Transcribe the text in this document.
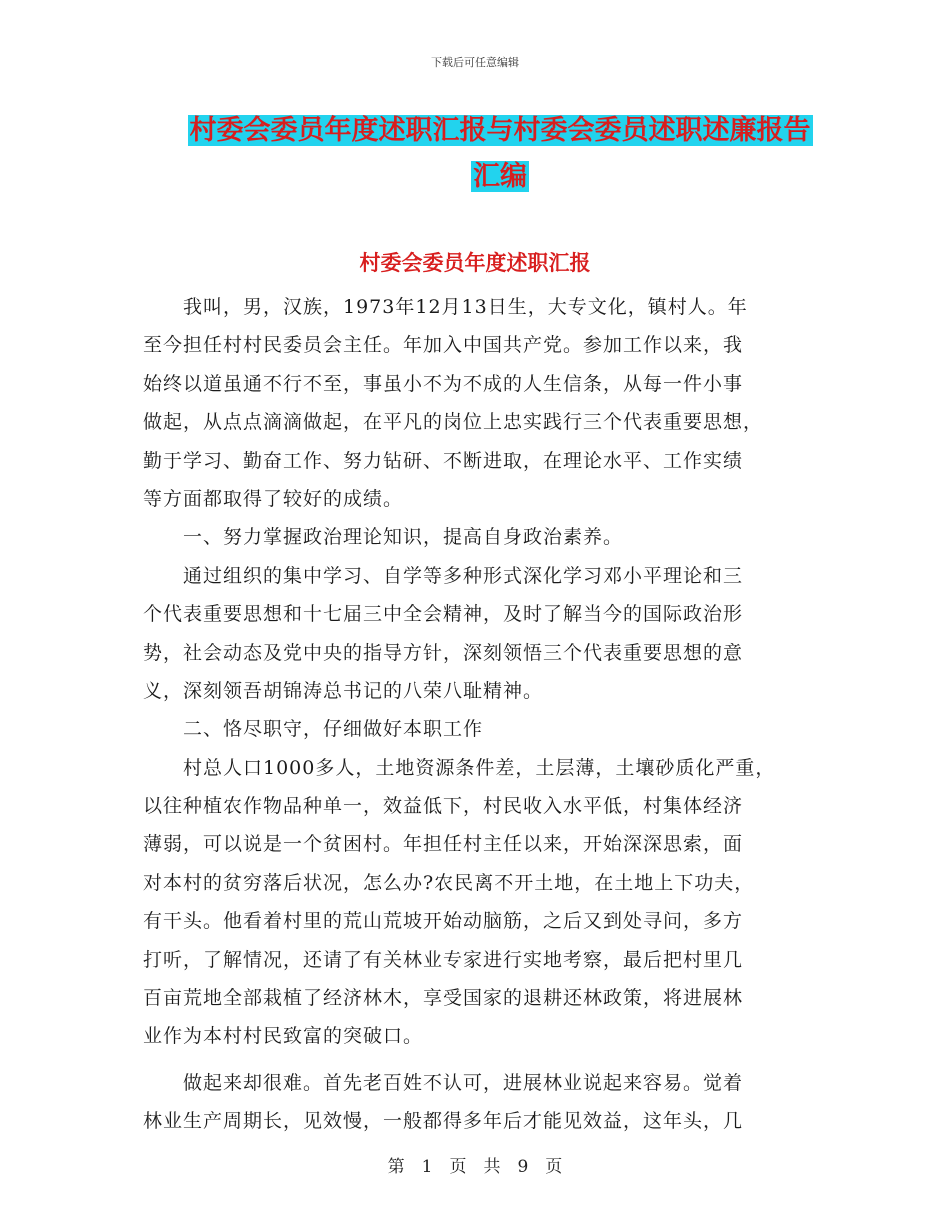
下载后可任意编辑
村委会委员年度述职汇报与村委会委员述职述廉报告
汇编
村委会委员年度述职汇报
　　我叫，男，汉族，1973年12月13日生，大专文化，镇村人。年
至今担任村村民委员会主任。年加入中国共产党。参加工作以来，我
始终以道虽通不行不至，事虽小不为不成的人生信条，从每一件小事
做起，从点点滴滴做起，在平凡的岗位上忠实践行三个代表重要思想，
勤于学习、勤奋工作、努力钻研、不断进取，在理论水平、工作实绩
等方面都取得了较好的成绩。
　　一、努力掌握政治理论知识，提高自身政治素养。
　　通过组织的集中学习、自学等多种形式深化学习邓小平理论和三
个代表重要思想和十七届三中全会精神，及时了解当今的国际政治形
势，社会动态及党中央的指导方针，深刻领悟三个代表重要思想的意
义，深刻领吾胡锦涛总书记的八荣八耻精神。
　　二、恪尽职守，仔细做好本职工作
　　村总人口1000多人，土地资源条件差，土层薄，土壤砂质化严重，
以往种植农作物品种单一，效益低下，村民收入水平低，村集体经济
薄弱，可以说是一个贫困村。年担任村主任以来，开始深深思索，面
对本村的贫穷落后状况，怎么办?农民离不开土地，在土地上下功夫，
有干头。他看着村里的荒山荒坡开始动脑筋，之后又到处寻问，多方
打听，了解情况，还请了有关林业专家进行实地考察，最后把村里几
百亩荒地全部栽植了经济林木，享受国家的退耕还林政策，将进展林
业作为本村村民致富的突破口。
　　做起来却很难。首先老百姓不认可，进展林业说起来容易。觉着
林业生产周期长，见效慢，一般都得多年后才能见效益，这年头，几
第　1　页　共　9　页
